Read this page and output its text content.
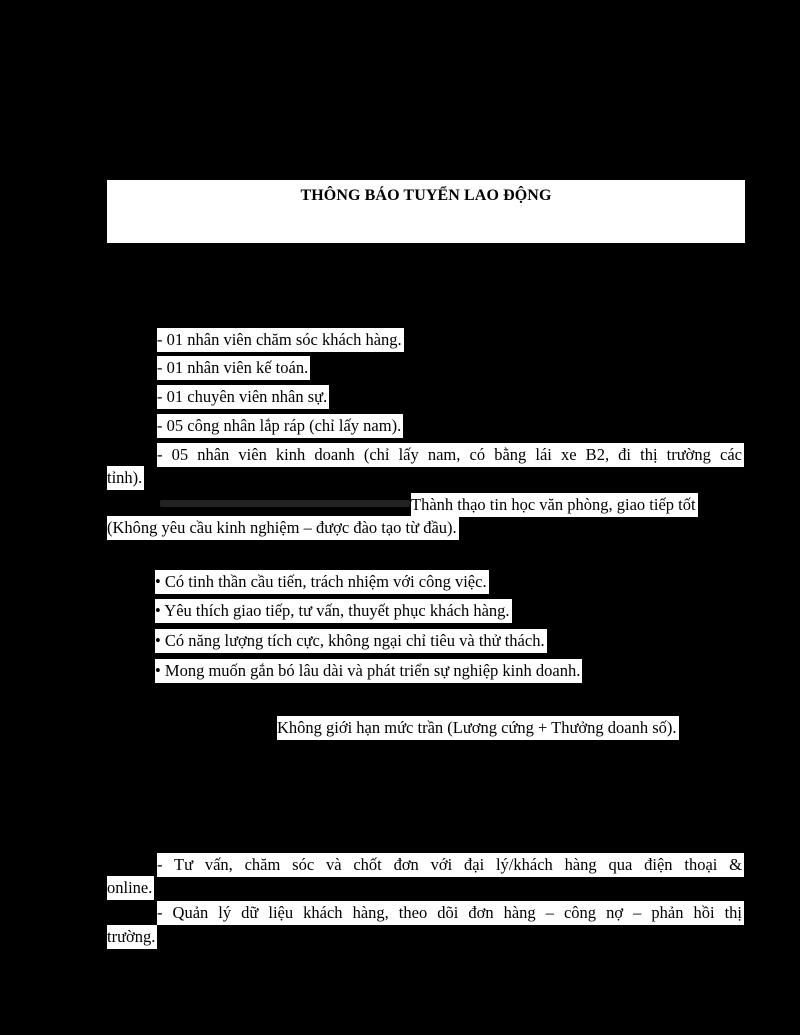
THÔNG BÁO TUYỂN LAO ĐỘNG
- 01 nhân viên chăm sóc khách hàng.
- 01 nhân viên kế toán.
- 01 chuyên viên nhân sự.
- 05 công nhân lắp ráp (chỉ lấy nam).
- 05 nhân viên kinh doanh (chỉ lấy nam, có bằng lái xe B2, đi thị trường các
tỉnh).
Thành thạo tin học văn phòng, giao tiếp tốt
(Không yêu cầu kinh nghiệm – được đào tạo từ đầu).
• Có tinh thần cầu tiến, trách nhiệm với công việc.
• Yêu thích giao tiếp, tư vấn, thuyết phục khách hàng.
• Có năng lượng tích cực, không ngại chỉ tiêu và thử thách.
• Mong muốn gắn bó lâu dài và phát triển sự nghiệp kinh doanh.
Không giới hạn mức trần (Lương cứng + Thưởng doanh số).
- Tư vấn, chăm sóc và chốt đơn với đại lý/khách hàng qua điện thoại &
online.
- Quản lý dữ liệu khách hàng, theo dõi đơn hàng – công nợ – phản hồi thị
trường.
